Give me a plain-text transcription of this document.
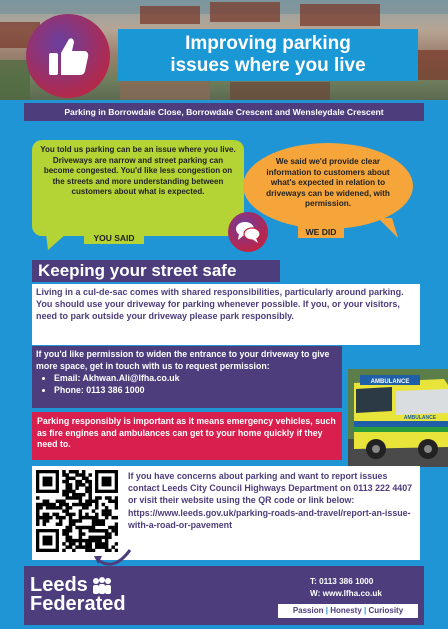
Improving parking
issues where you live
Parking in Borrowdale Close, Borrowdale Crescent and Wensleydale Crescent
You told us parking can be an issue where you live. Driveways are narrow and street parking can become congested. You'd like less congestion on the streets and more understanding between customers about what is expected.
YOU SAID
We said we'd provide clear information to customers about what's expected in relation to driveways can be widened, with permission.
WE DID
Keeping your street safe
Living in a cul-de-sac comes with shared responsibilities, particularly around parking. You should use your driveway for parking whenever possible. If you, or your visitors, need to park outside your driveway please park responsibly.
If you'd like permission to widen the entrance to your driveway to give more space, get in touch with us to request permission:
• Email: Akhwan.Ali@lfha.co.uk
• Phone: 0113 386 1000
Parking responsibly is important as it means emergency vehicles, such as fire engines and ambulances can get to your home quickly if they need to.
AMBULANCE
AMBULANCE
If you have concerns about parking and want to report issues contact Leeds City Council Highways Department on 0113 222 4407 or visit their website using the QR code or link below: https://www.leeds.gov.uk/parking-roads-and-travel/report-an-issue-with-a-road-or-pavement
Leeds
Federated
T: 0113 386 1000
W: www.lfha.co.uk
Passion | Honesty | Curiosity
